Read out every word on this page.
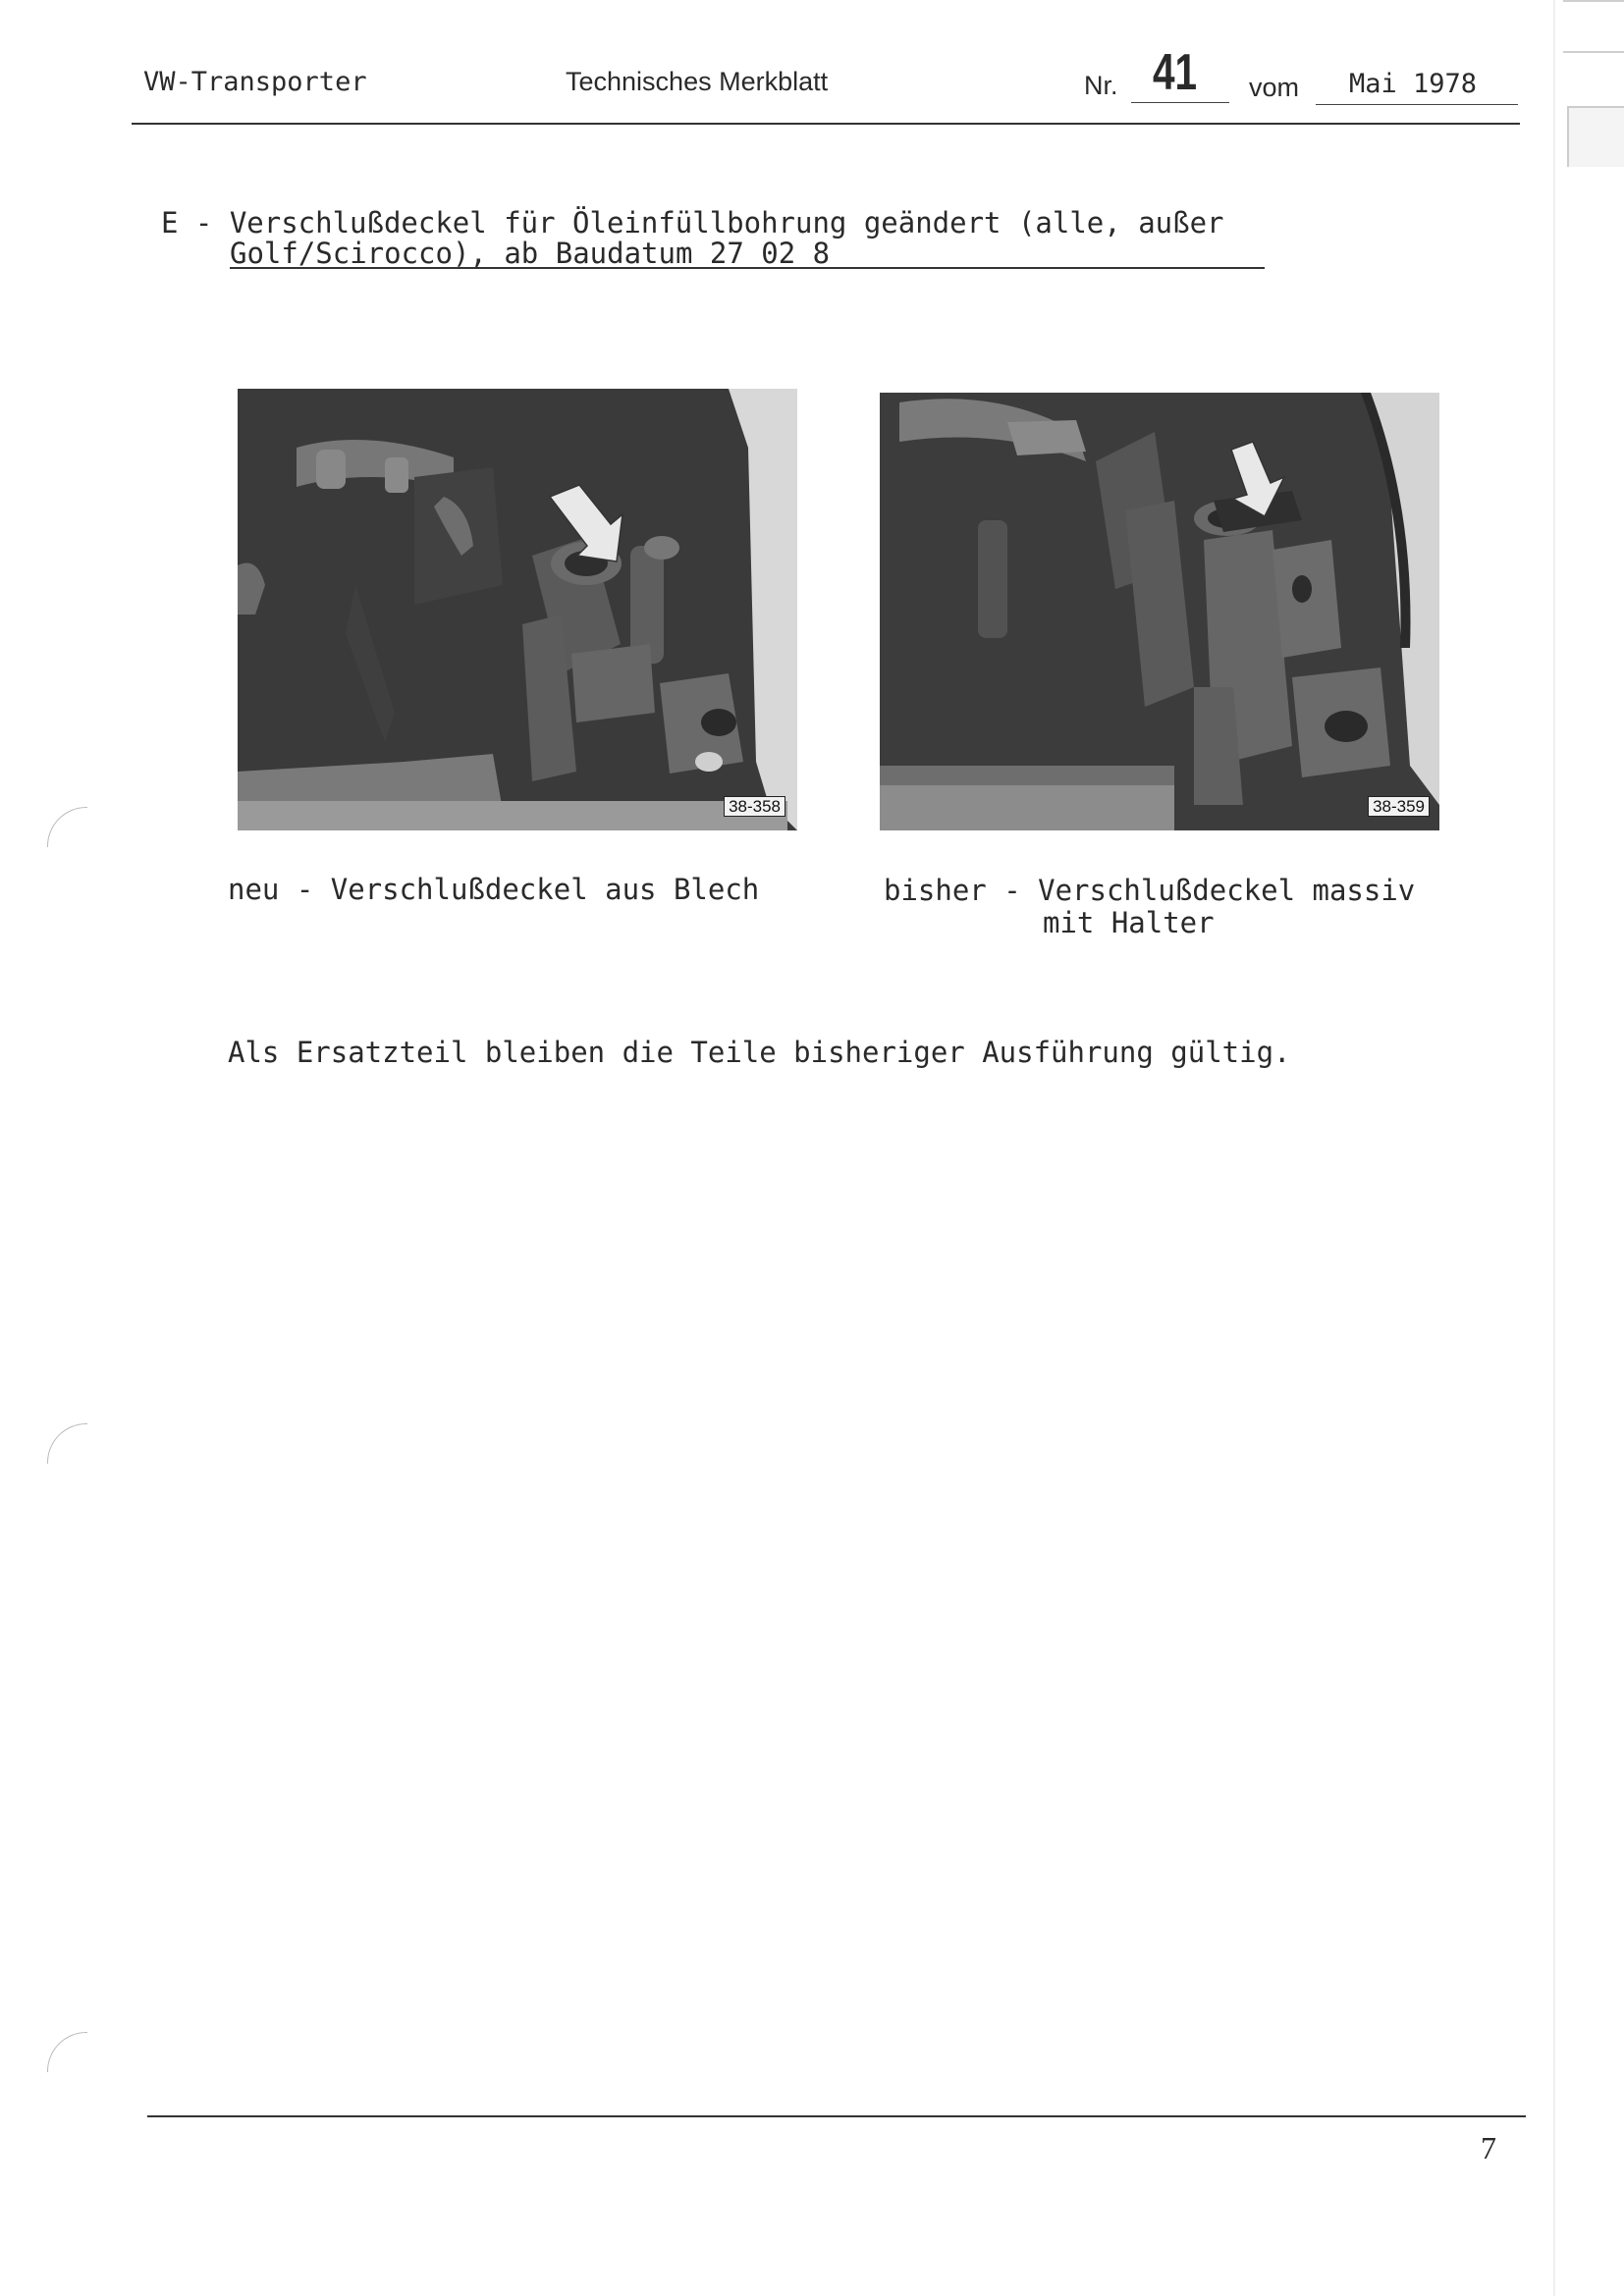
VW-Transporter	Technisches Merkblatt	Nr. 41	vom	Mai 1978
E - Verschlußdeckel für Öleinfüllbohrung geändert (alle, außer
Golf/Scirocco), ab Baudatum 27 02 8
38-358	38-359
neu - Verschlußdeckel aus Blech	bisher - Verschlußdeckel massiv
mit Halter
Als Ersatzteil bleiben die Teile bisheriger Ausführung gültig.
7
